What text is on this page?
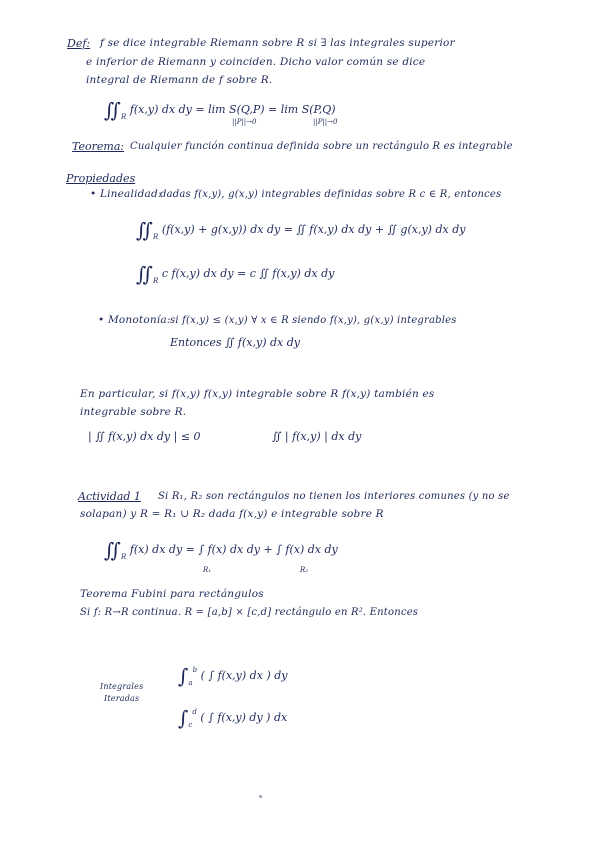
Def: f se dice integrable Riemann sobre R si ∃ las integrales superior
e inferior de Riemann y coinciden. Dicho valor común se dice
integral de Riemann de f sobre R.
$∬_R$ f(x,y) dx dy = lim S(Q,P) = lim S(P,Q)
||P||→0	||P||→0
Teorema: Cualquier función continua definida sobre un rectángulo R es integrable
Propiedades
• Linealidad:
dadas f(x,y), g(x,y) integrables definidas sobre R c ∈ R, entonces
$∬_R$ (f(x,y) + g(x,y)) dx dy = ∬ f(x,y) dx dy + ∬ g(x,y) dx dy
$∬_R$ c f(x,y) dx dy = c ∬ f(x,y) dx dy
• Monotonía: si f(x,y) ≤ (x,y) ∀ x ∈ R siendo f(x,y), g(x,y) integrables
Entonces ∬ f(x,y) dx dy
En particular, si f(x,y) f(x,y) integrable sobre R f(x,y) también es
integrable sobre R.
| ∬ f(x,y) dx dy | ≤ 0	∬ | f(x,y) | dx dy
Actividad 1 Si R₁, R₂ son rectángulos no tienen los interiores comunes (y no se
solapan) y R = R₁ ∪ R₂ dada f(x,y) e integrable sobre R
$∬_R$ f(x) dx dy = ∫ f(x) dx dy + ∫ f(x) dx dy
R₁	R₂
Teorema Fubini para rectángulos
Si f: R→R continua. R = [a,b] × [c,d] rectángulo en R². Entonces
Integrales
Iteradas
$\int_a^b$ ( ∫ f(x,y) dx ) dy
$\int_c^d$ ( ∫ f(x,y) dy ) dx
